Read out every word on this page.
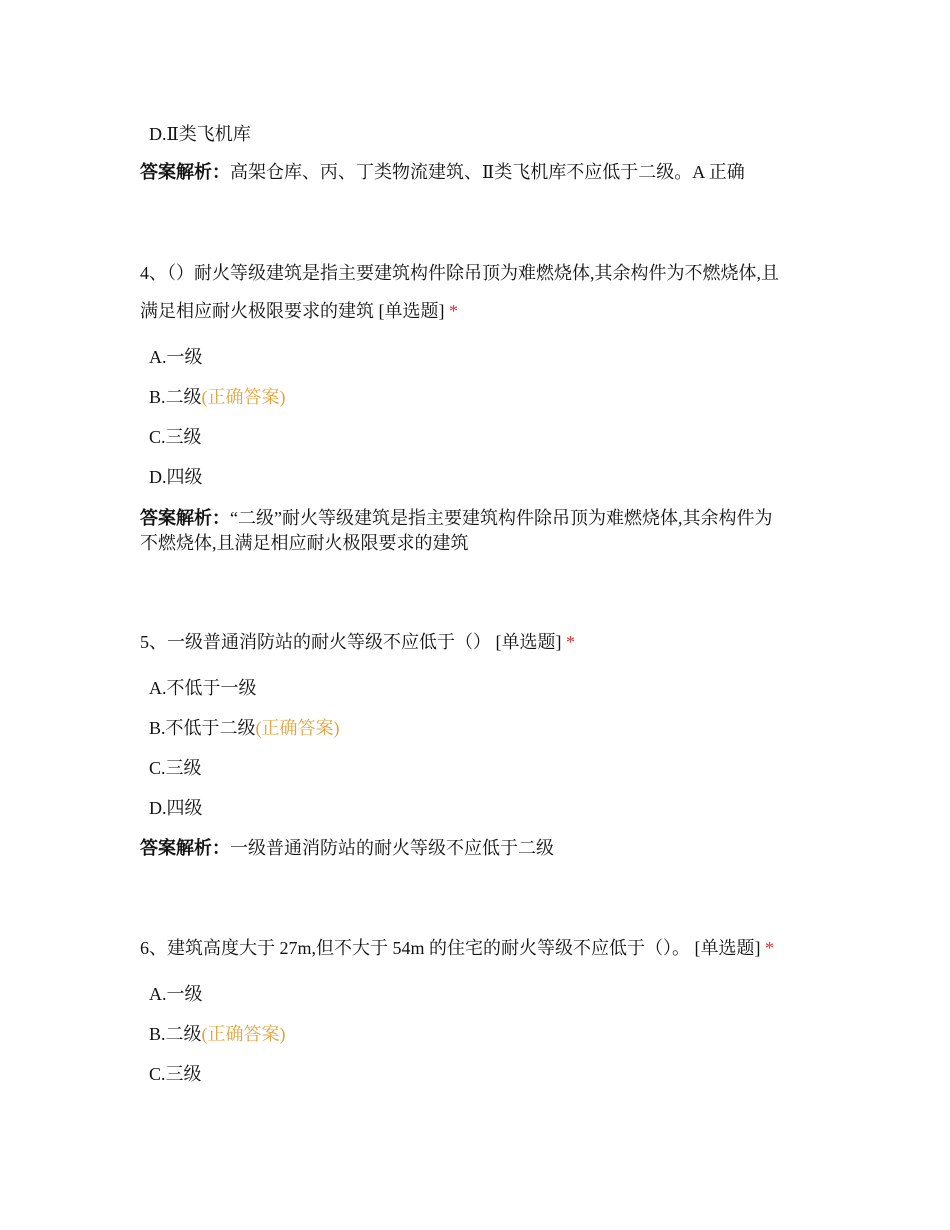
D.Ⅱ类飞机库
答案解析：高架仓库、丙、丁类物流建筑、Ⅱ类飞机库不应低于二级。A 正确
4、（）耐火等级建筑是指主要建筑构件除吊顶为难燃烧体,其余构件为不燃烧体,且
满足相应耐火极限要求的建筑 [单选题] *
A.一级
B.二级(正确答案)
C.三级
D.四级
答案解析：“二级”耐火等级建筑是指主要建筑构件除吊顶为难燃烧体,其余构件为
不燃烧体,且满足相应耐火极限要求的建筑
5、一级普通消防站的耐火等级不应低于（） [单选题] *
A.不低于一级
B.不低于二级(正确答案)
C.三级
D.四级
答案解析：一级普通消防站的耐火等级不应低于二级
6、建筑高度大于 27m,但不大于 54m 的住宅的耐火等级不应低于（）。 [单选题] *
A.一级
B.二级(正确答案)
C.三级
